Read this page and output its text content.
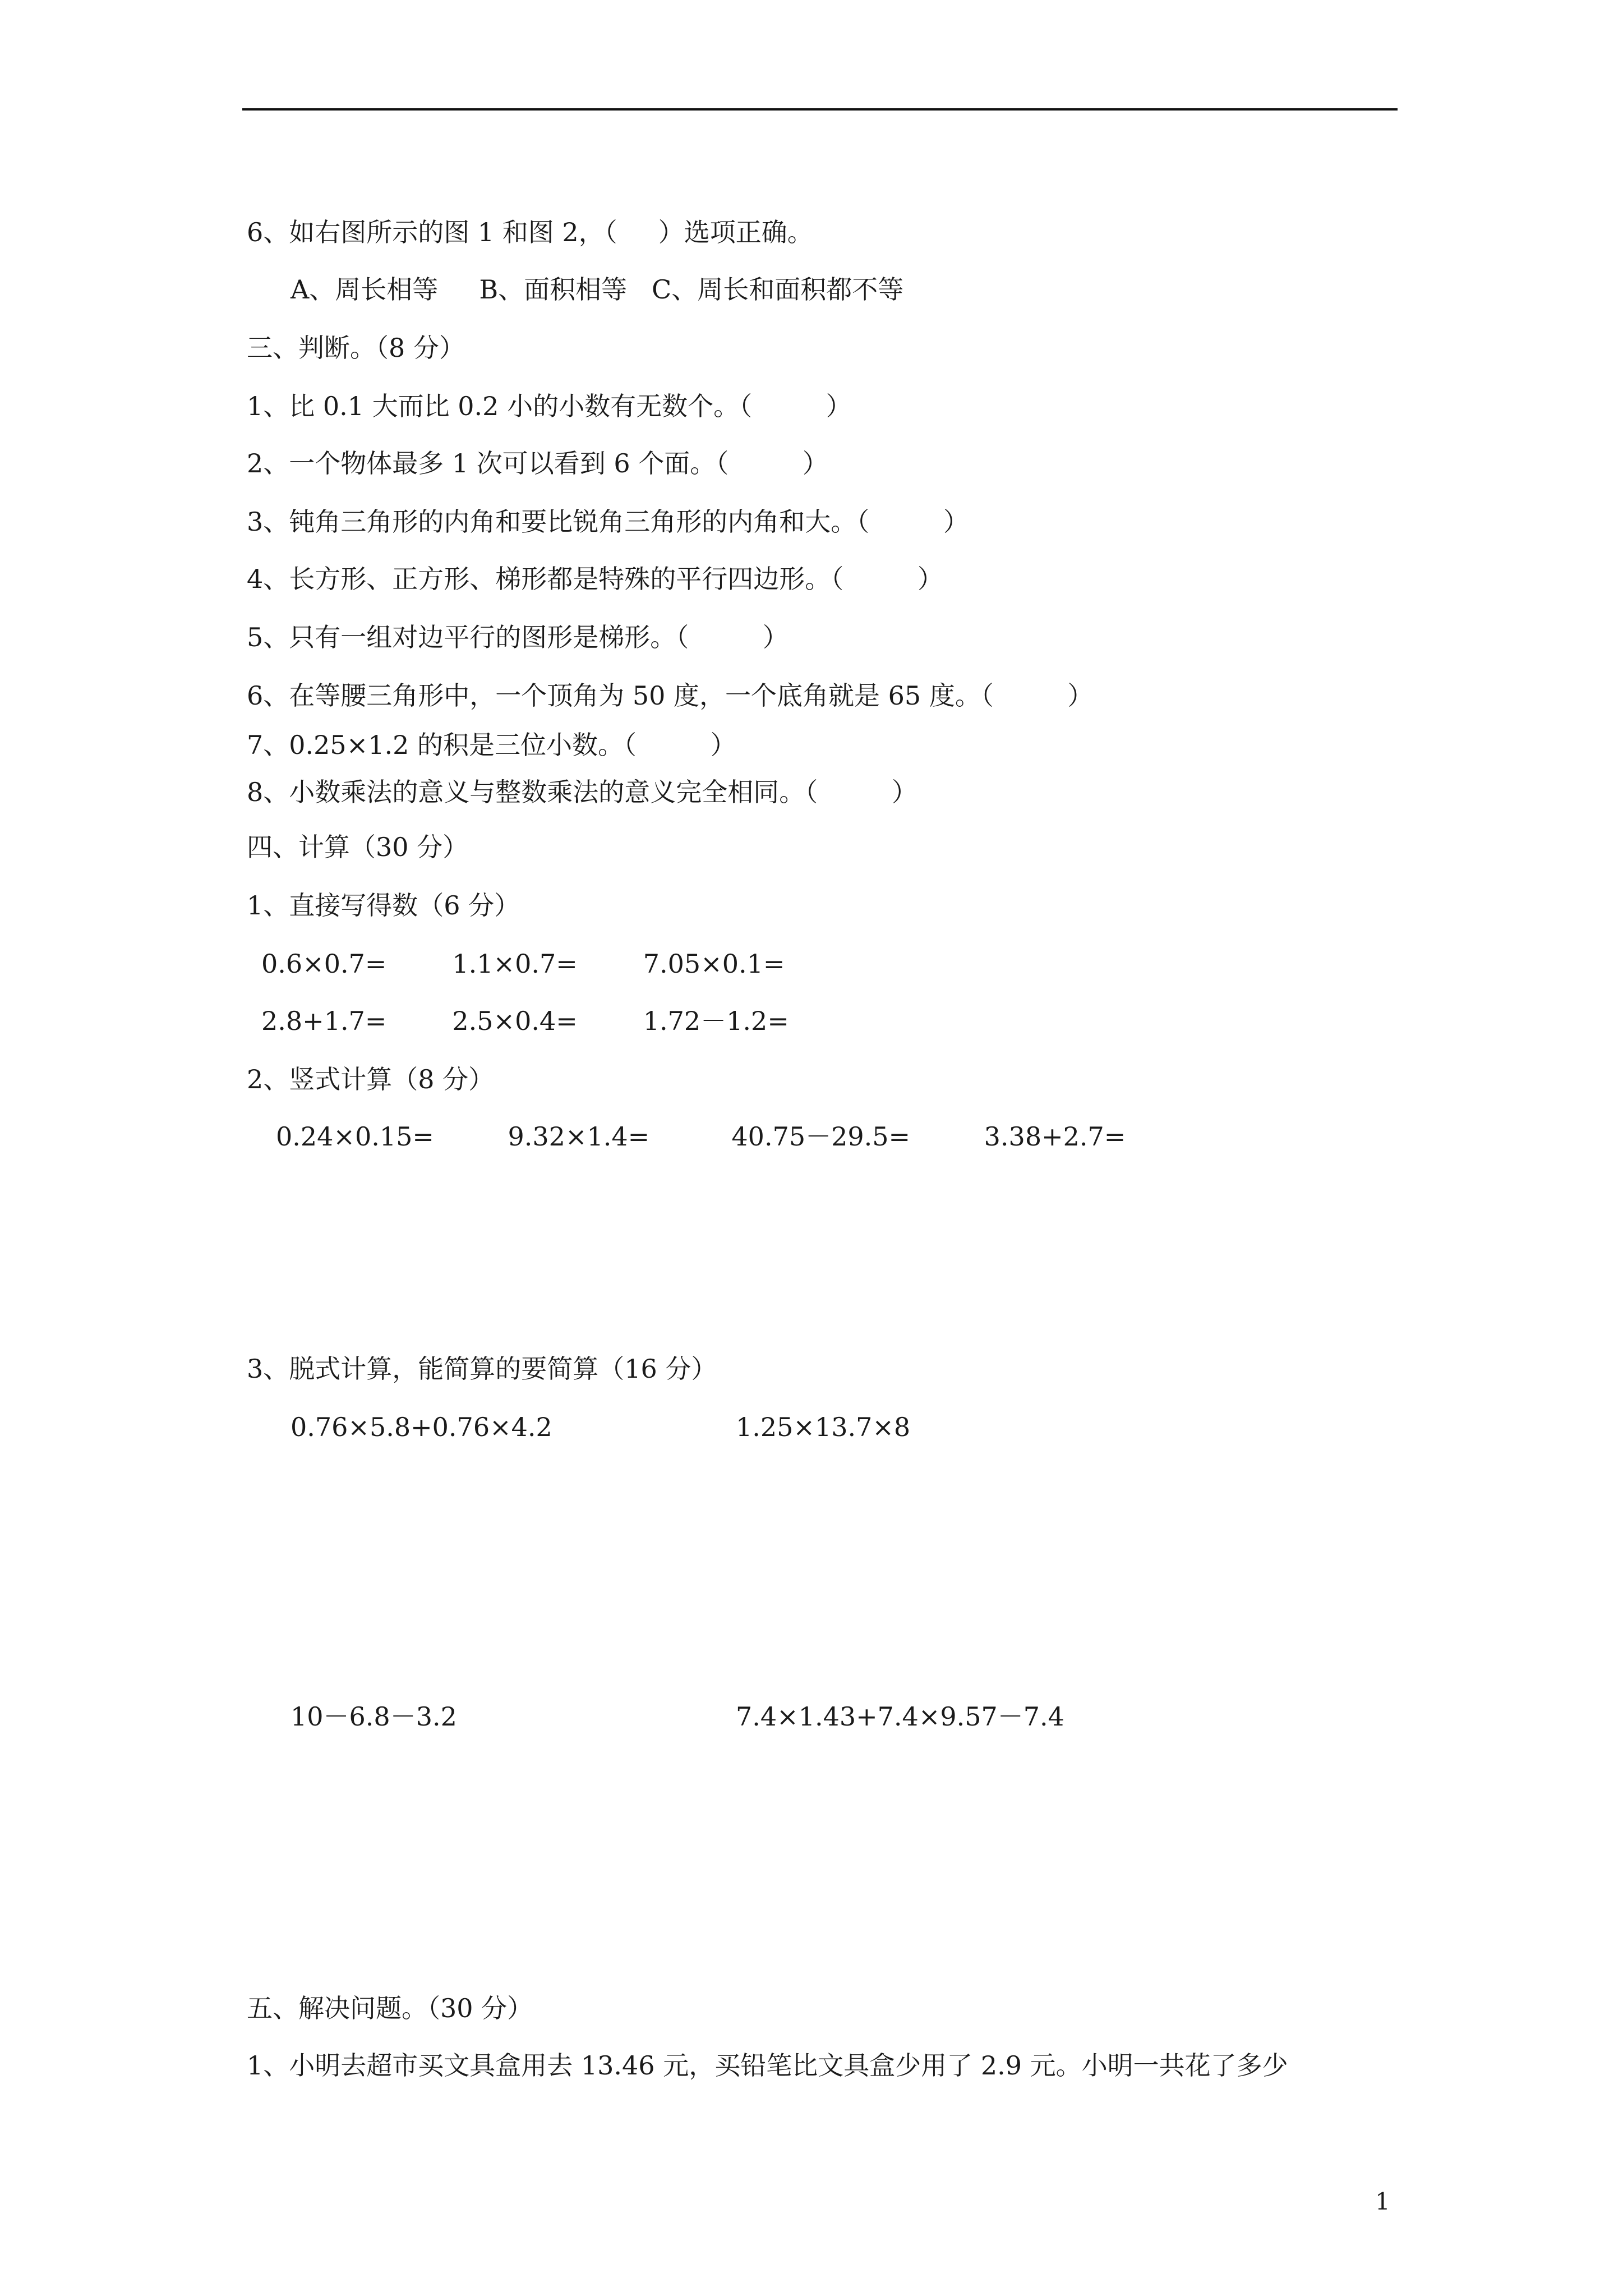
6、如右图所示的图 1 和图 2，（     ）选项正确。
A、周长相等     B、面积相等   C、周长和面积都不等
三、判断。（8 分）
1、比 0.1 大而比 0.2 小的小数有无数个。（         ）
2、一个物体最多 1 次可以看到 6 个面。（         ）
3、钝角三角形的内角和要比锐角三角形的内角和大。（         ）
4、长方形、正方形、梯形都是特殊的平行四边形。（         ）
5、只有一组对边平行的图形是梯形。（         ）
6、在等腰三角形中，一个顶角为 50 度，一个底角就是 65 度。（         ）
7、0.25×1.2 的积是三位小数。（         ）
8、小数乘法的意义与整数乘法的意义完全相同。（         ）
四、计算（30 分）
1、直接写得数（6 分）
0.6×0.7=        1.1×0.7=        7.05×0.1=
2.8+1.7=        2.5×0.4=        1.72－1.2=
2、竖式计算（8 分）
0.24×0.15=         9.32×1.4=          40.75－29.5=         3.38+2.7=
3、脱式计算，能简算的要简算（16 分）
0.76×5.8+0.76×4.2	1.25×13.7×8
10－6.8－3.2	7.4×1.43+7.4×9.57－7.4
五、解决问题。（30 分）
1、小明去超市买文具盒用去 13.46 元，买铅笔比文具盒少用了 2.9 元。小明一共花了多少
1
